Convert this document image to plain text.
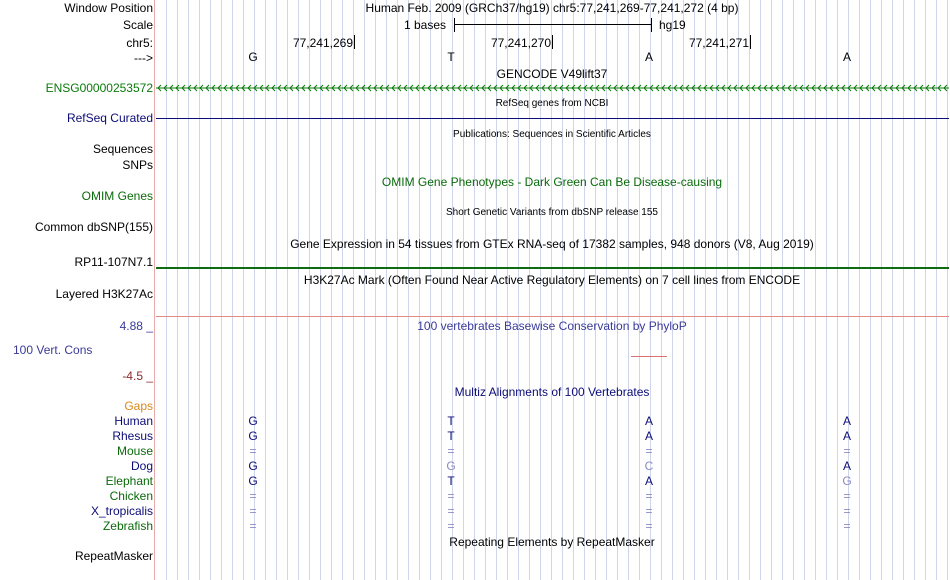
Window Position	Human Feb. 2009 (GRCh37/hg19) chr5:77,241,269-77,241,272 (4 bp)
Scale	1 bases	hg19
chr5:	77,241,269	77,241,270	77,241,271
--->	G	T	A	A
GENCODE V49lift37
ENSG00000253572
RefSeq genes from NCBI
RefSeq Curated
Publications: Sequences in Scientific Articles
Sequences
SNPs
OMIM Gene Phenotypes - Dark Green Can Be Disease-causing
OMIM Genes
Short Genetic Variants from dbSNP release 155
Common dbSNP(155)
Gene Expression in 54 tissues from GTEx RNA-seq of 17382 samples, 948 donors (V8, Aug 2019)
RP11-107N7.1
H3K27Ac Mark (Often Found Near Active Regulatory Elements) on 7 cell lines from ENCODE
Layered H3K27Ac
100 vertebrates Basewise Conservation by PhyloP
4.88 _
100 Vert. Cons
-4.5 _
Multiz Alignments of 100 Vertebrates
Gaps
Human	G	T	A	A
Rhesus	G	T	A	A
Mouse	=	=	=	=
Dog	G	G	C	A
Elephant	G	T	A	G
Chicken	=	=	=	=
X_tropicalis	=	=	=	=
Zebrafish	=	=	=	=
Repeating Elements by RepeatMasker
RepeatMasker
